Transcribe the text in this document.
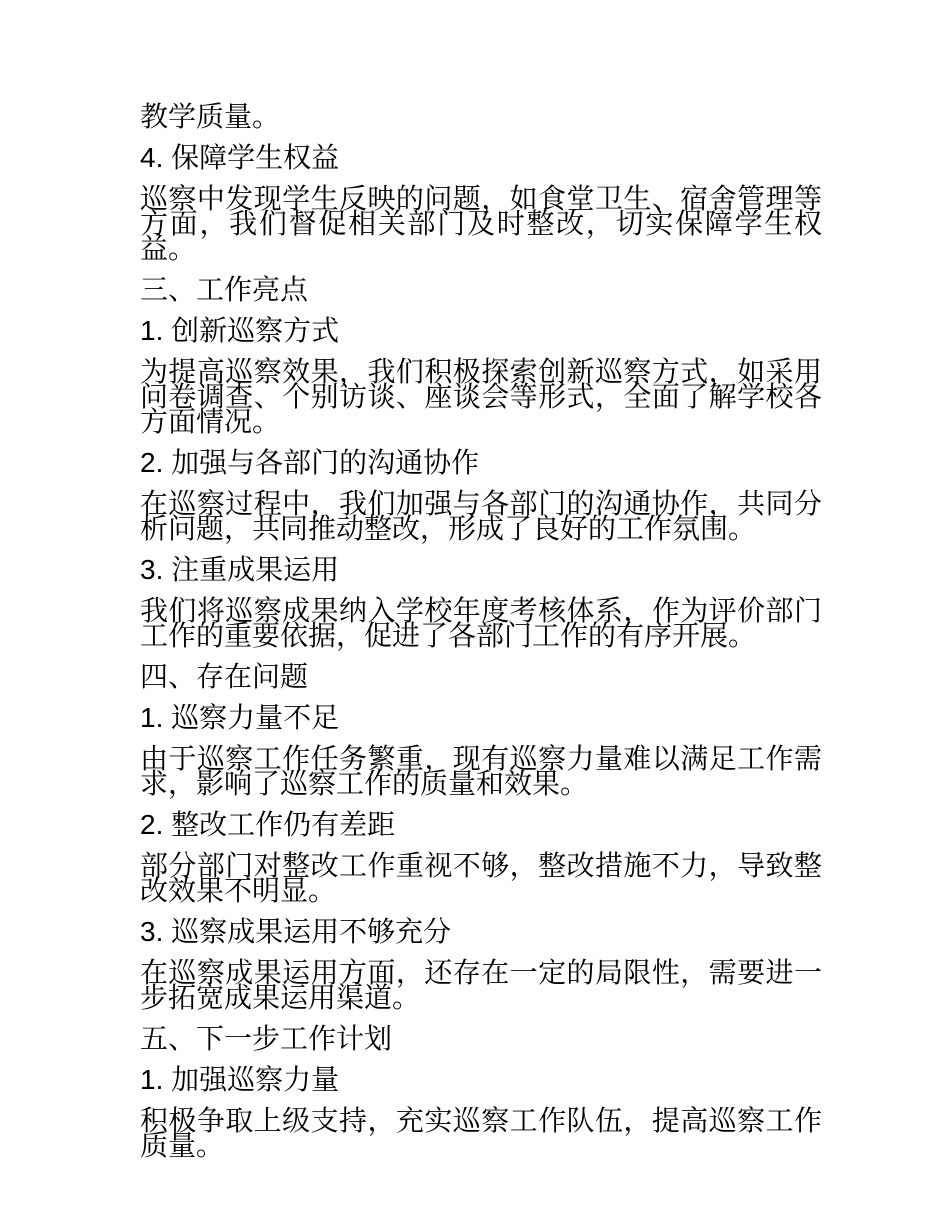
教学质量。

4. 保障学生权益

巡察中发现学生反映的问题，如食堂卫生、宿舍管理等方面，我们督促相关部门及时整改，切实保障学生权益。

三、工作亮点

1. 创新巡察方式

为提高巡察效果，我们积极探索创新巡察方式，如采用问卷调查、个别访谈、座谈会等形式，全面了解学校各方面情况。

2. 加强与各部门的沟通协作

在巡察过程中，我们加强与各部门的沟通协作，共同分析问题，共同推动整改，形成了良好的工作氛围。

3. 注重成果运用

我们将巡察成果纳入学校年度考核体系，作为评价部门工作的重要依据，促进了各部门工作的有序开展。

四、存在问题

1. 巡察力量不足

由于巡察工作任务繁重，现有巡察力量难以满足工作需求，影响了巡察工作的质量和效果。

2. 整改工作仍有差距

部分部门对整改工作重视不够，整改措施不力，导致整改效果不明显。

3. 巡察成果运用不够充分

在巡察成果运用方面，还存在一定的局限性，需要进一步拓宽成果运用渠道。

五、下一步工作计划

1. 加强巡察力量

积极争取上级支持，充实巡察工作队伍，提高巡察工作质量。
